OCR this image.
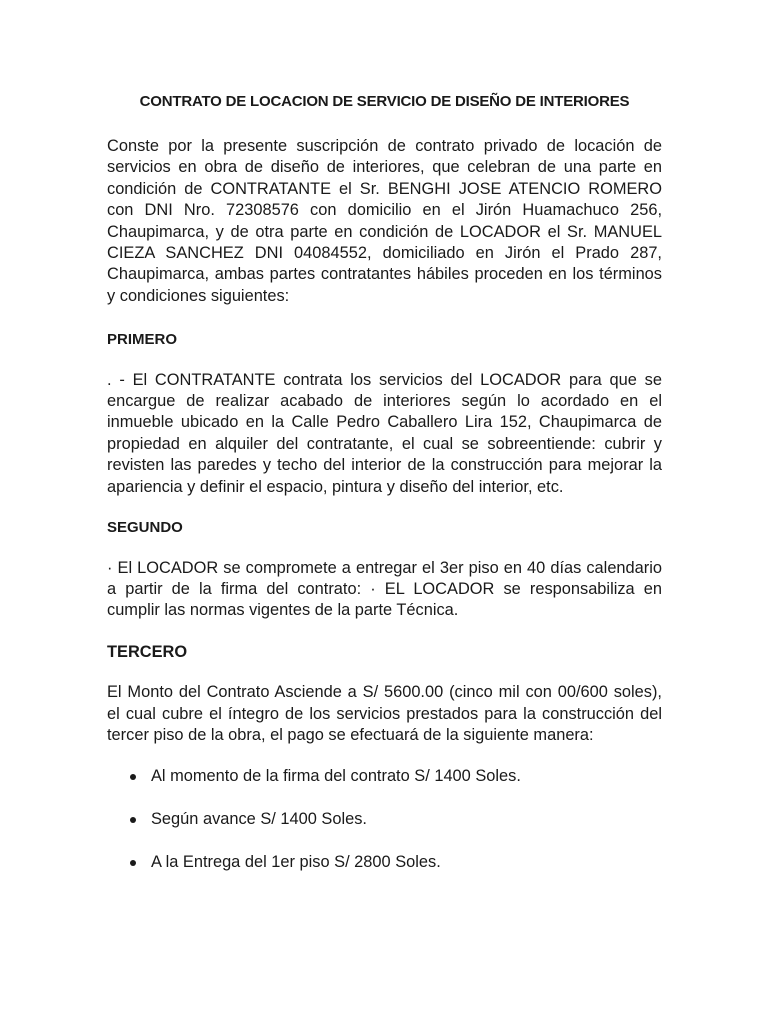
CONTRATO DE LOCACION DE SERVICIO DE DISEÑO DE INTERIORES

Conste por la presente suscripción de contrato privado de locación de servicios en obra de diseño de interiores, que celebran de una parte en condición de CONTRATANTE el Sr. BENGHI JOSE ATENCIO ROMERO con DNI Nro. 72308576 con domicilio en el Jirón Huamachuco 256, Chaupimarca, y de otra parte en condición de LOCADOR el Sr. MANUEL CIEZA SANCHEZ DNI 04084552, domiciliado en Jirón el Prado 287, Chaupimarca, ambas partes contratantes hábiles proceden en los términos y condiciones siguientes:

PRIMERO

. - El CONTRATANTE contrata los servicios del LOCADOR para que se encargue de realizar acabado de interiores según lo acordado en el inmueble ubicado en la Calle Pedro Caballero Lira 152, Chaupimarca de propiedad en alquiler del contratante, el cual se sobreentiende: cubrir y revisten las paredes y techo del interior de la construcción para mejorar la apariencia y definir el espacio, pintura y diseño del interior, etc.

SEGUNDO

· El LOCADOR se compromete a entregar el 3er piso en 40 días calendario a partir de la firma del contrato: · EL LOCADOR se responsabiliza en cumplir las normas vigentes de la parte Técnica.

TERCERO

El Monto del Contrato Asciende a S/ 5600.00 (cinco mil con 00/600 soles), el cual cubre el íntegro de los servicios prestados para la construcción del tercer piso de la obra, el pago se efectuará de la siguiente manera:

Al momento de la firma del contrato S/ 1400 Soles.
Según avance S/ 1400 Soles.
A la Entrega del 1er piso S/ 2800 Soles.
